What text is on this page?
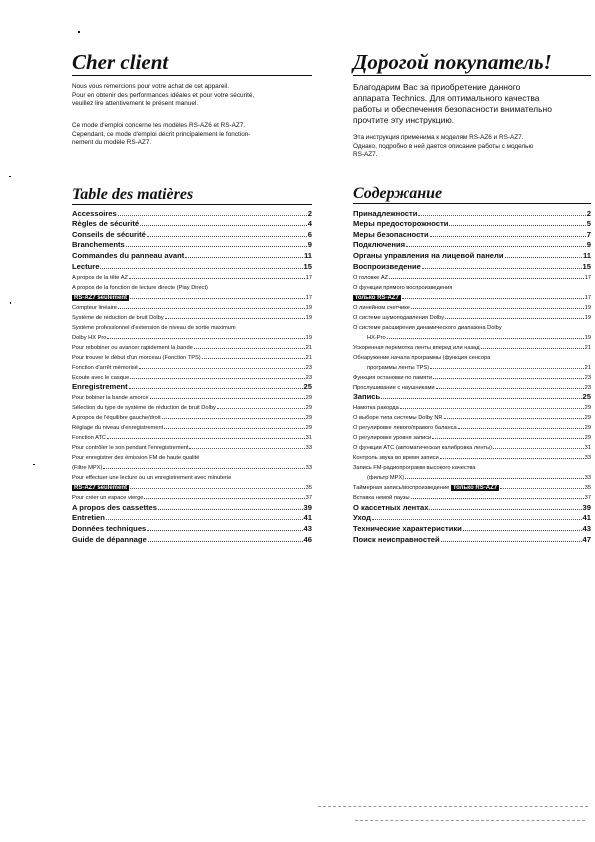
Cher client
Nous vous remercions pour votre achat de cet appareil.
Pour en obtenir des performances idéales et pour votre sécurité,
veuillez lire attentivement le présent manuel.
Ce mode d'emploi concerne les modèles RS-AZ6 et RS-AZ7.
Cependant, ce mode d'emploi décrit principalement le fonction-
nement du modèle RS-AZ7.
Table des matières
Accessoires	2
Règles de sécurité	4
Conseils de sécurité	6
Branchements	9
Commandes du panneau avant	11
Lecture	15
A propos de la tête AZ	17
A propos de la fonction de lecture directe (Play Direct)
RS-AZ7 seulement	17
Compteur linéaire	19
Système de réduction de bruit Dolby	19
Système professionnel d'extension de niveau de sortie maximum
Dolby HX Pro	19
Pour rebobiner ou avancer rapidement la bande	21
Pour trouver le début d'un morceau (Fonction TPS)	21
Fonction d'arrêt mémorisé	23
Ecoute avec le casque	23
Enregistrement	25
Pour bobiner la bande amorce	29
Sélection du type de système de réduction de bruit Dolby	29
A propos de l'équilibre gauche/droit	29
Réglage du niveau d'enregistrement	29
Fonction ATC	31
Pour contrôler le son pendant l'enregistrement	33
Pour enregistrer des émission FM de haute qualité
(Filtre MPX)	33
Pour effectuer une lecture ou un enregistrement avec minuterie
RS-AZ7 seulement	35
Pour créer un espace vierge	37
A propos des cassettes	39
Entretien	41
Données techniques	43
Guide de dépannage	46
Дорогой покупатель!
Благодарим Вас за приобретение данного
аппарата Technics. Для оптимального качества
работы и обеспечения безопасности внимательно
прочтите эту инструкцию.
Эта инструкция применима к моделям RS-AZ6 и RS-AZ7.
Однако, подробно в ней дается описание работы с моделью
RS-AZ7.
Содержание
Принадлежности	2
Меры предосторожности	5
Меры безопасности	7
Подключения	9
Органы управления на лицевой панели	11
Воспроизведение	15
О головке AZ	17
О функции прямого воспроизведения
только RS-AZ7	17
О линейном счетчике	19
О системе шумоподавления Dolby	19
О системе расширения динамического диапазона Dolby
HX-Pro	19
Ускоренная перемотка ленты вперед или назад	21
Обнаружение начала программы (функция сенсора
программы ленты TPS)	21
Функция остановки по памяти	23
Прослушивание с наушниками	23
Запись	25
Намотка ракорда	29
О выборе типа системы Dolby NR	29
О регулировке левого/правого баланса	29
О регулировке уровня записи	29
О функции ATC (автоматическая калибровка ленты)	31
Контроль звука во время записи	33
Запись FM-радиопрограмм высокого качества
(фильтр MPX)	33
Таймерная запись/воспроизведение только RS-AZ7	35
Вставка немой паузы	37
О кассетных лентах	39
Уход	41
Технические характеристики	43
Поиск неисправностей	47
